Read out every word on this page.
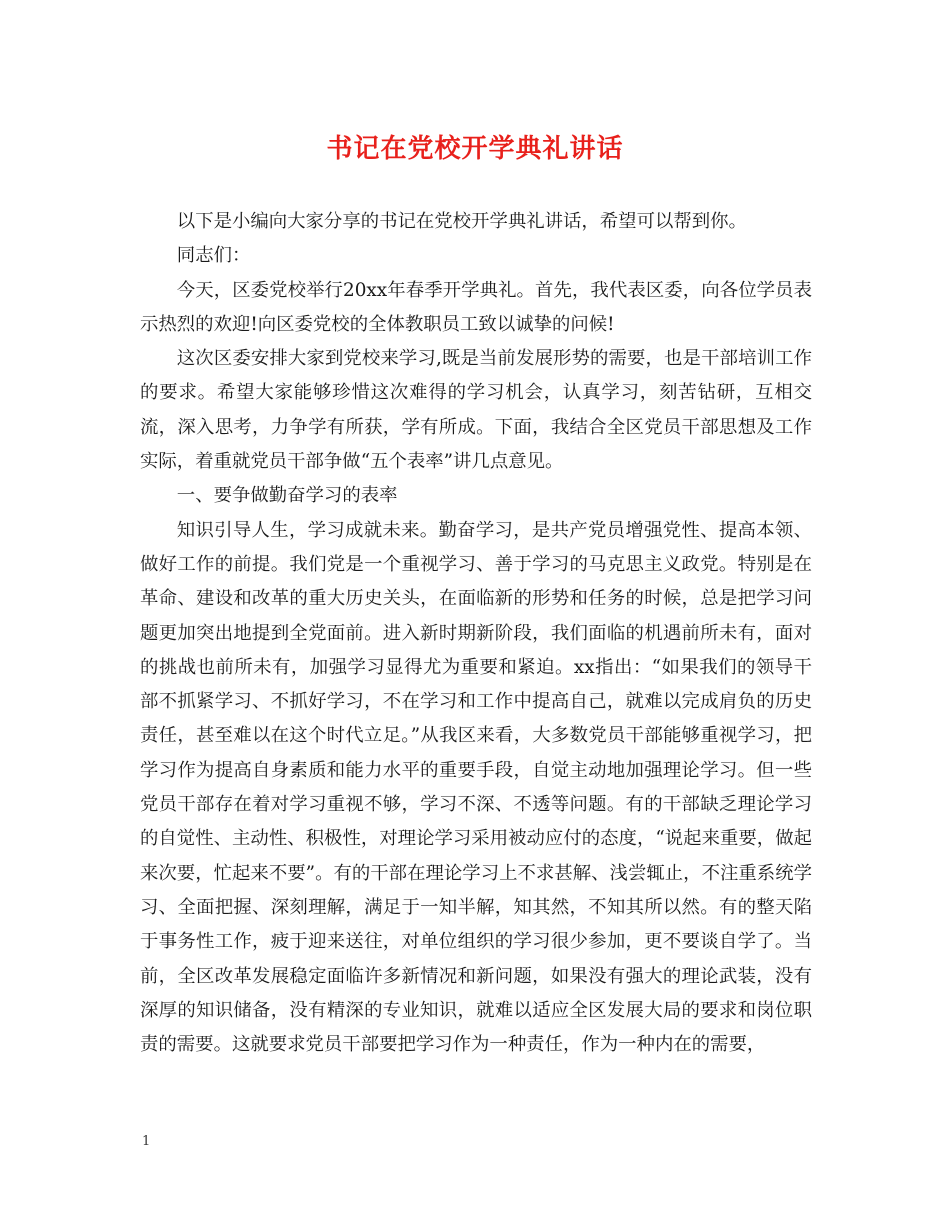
书记在党校开学典礼讲话

以下是小编向大家分享的书记在党校开学典礼讲话，希望可以帮到你。

同志们：

今天，区委党校举行20xx年春季开学典礼。首先，我代表区委，向各位学员表示热烈的欢迎!向区委党校的全体教职员工致以诚挚的问候!

这次区委安排大家到党校来学习,既是当前发展形势的需要，也是干部培训工作的要求。希望大家能够珍惜这次难得的学习机会，认真学习，刻苦钻研，互相交流，深入思考，力争学有所获，学有所成。下面，我结合全区党员干部思想及工作实际，着重就党员干部争做“五个表率”讲几点意见。

一、要争做勤奋学习的表率

知识引导人生，学习成就未来。勤奋学习，是共产党员增强党性、提高本领、做好工作的前提。我们党是一个重视学习、善于学习的马克思主义政党。特别是在革命、建设和改革的重大历史关头，在面临新的形势和任务的时候，总是把学习问题更加突出地提到全党面前。进入新时期新阶段，我们面临的机遇前所未有，面对的挑战也前所未有，加强学习显得尤为重要和紧迫。xx指出：“如果我们的领导干部不抓紧学习、不抓好学习，不在学习和工作中提高自己，就难以完成肩负的历史责任，甚至难以在这个时代立足。”从我区来看，大多数党员干部能够重视学习，把学习作为提高自身素质和能力水平的重要手段，自觉主动地加强理论学习。但一些党员干部存在着对学习重视不够，学习不深、不透等问题。有的干部缺乏理论学习的自觉性、主动性、积极性，对理论学习采用被动应付的态度，“说起来重要，做起来次要，忙起来不要”。有的干部在理论学习上不求甚解、浅尝辄止，不注重系统学习、全面把握、深刻理解，满足于一知半解，知其然，不知其所以然。有的整天陷于事务性工作，疲于迎来送往，对单位组织的学习很少参加，更不要谈自学了。当前，全区改革发展稳定面临许多新情况和新问题，如果没有强大的理论武装，没有深厚的知识储备，没有精深的专业知识，就难以适应全区发展大局的要求和岗位职责的需要。这就要求党员干部要把学习作为一种责任，作为一种内在的需要，

1
